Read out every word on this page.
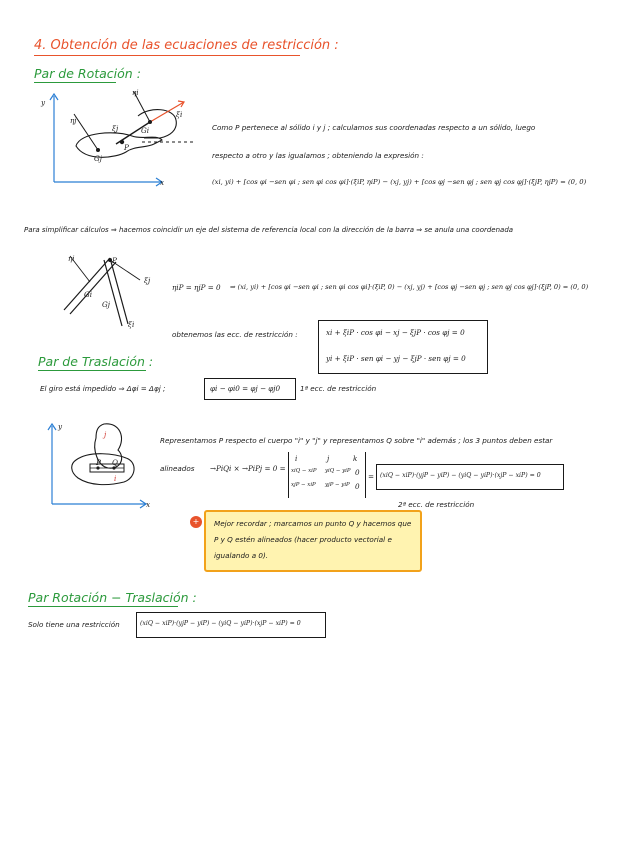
4. Obtención de las ecuaciones de restricción :
Par de Rotación :
y
x
ηi
ξi
ηj
ξj	Gi
Gj
P
Como P pertenece al sólido i y j ; calculamos sus coordenadas respecto a un sólido, luego
respecto a otro y las igualamos ; obteniendo la expresión :
(xi, yi) + [cos φi −sen φi ; sen φi cos φi]·(ξiP, ηiP) − (xj, yj) + [cos φj −sen φj ; sen φj cos φj]·(ξjP, ηjP) = (0, 0)
Para simplificar cálculos ⇒ hacemos coincidir un eje del sistema de referencia local con la dirección de la barra ⇒ se anula una coordenada
ηi	P
ξj
Gi
Gj
ξi
ηiP = ηjP = 0 ⇒ (xi, yi) + [cos φi −sen φi ; sen φi cos φi]·(ξiP, 0) − (xj, yj) + [cos φj −sen φj ; sen φj cos φj]·(ξjP, 0) = (0, 0)
obtenemos las ecc. de restricción :	xi + ξiP · cos φi − xj − ξjP · cos φj = 0
yi + ξiP · sen φi − yj − ξjP · sen φj = 0
Par de Traslación :
El giro está impedido ⇒ Δφi = Δφj ;	φi − φi0 = φj − φj0	1ª ecc. de restricción
y
x
j
i
P Q
Representamos P respecto el cuerpo "i" y "j" y representamos Q sobre "i" además ; los 3 puntos deben estar
alineados →PiQi × →PiPj = 0 =
i	j	k
xiQ − xiP yiQ − yiP 0
xjP − xiP yjP − yiP 0
= (xiQ − xiP)·(yjP − yiP) − (yiQ − yiP)·(xjP − xiP) = 0
2ª ecc. de restricción
+	Mejor recordar ; marcamos un punto Q y hacemos que
P y Q estén alineados (hacer producto vectorial e
igualando a 0).
Par Rotación − Traslación :
Solo tiene una restricción	(xiQ − xiP)·(yjP − yiP) − (yiQ − yiP)·(xjP − xiP) = 0
